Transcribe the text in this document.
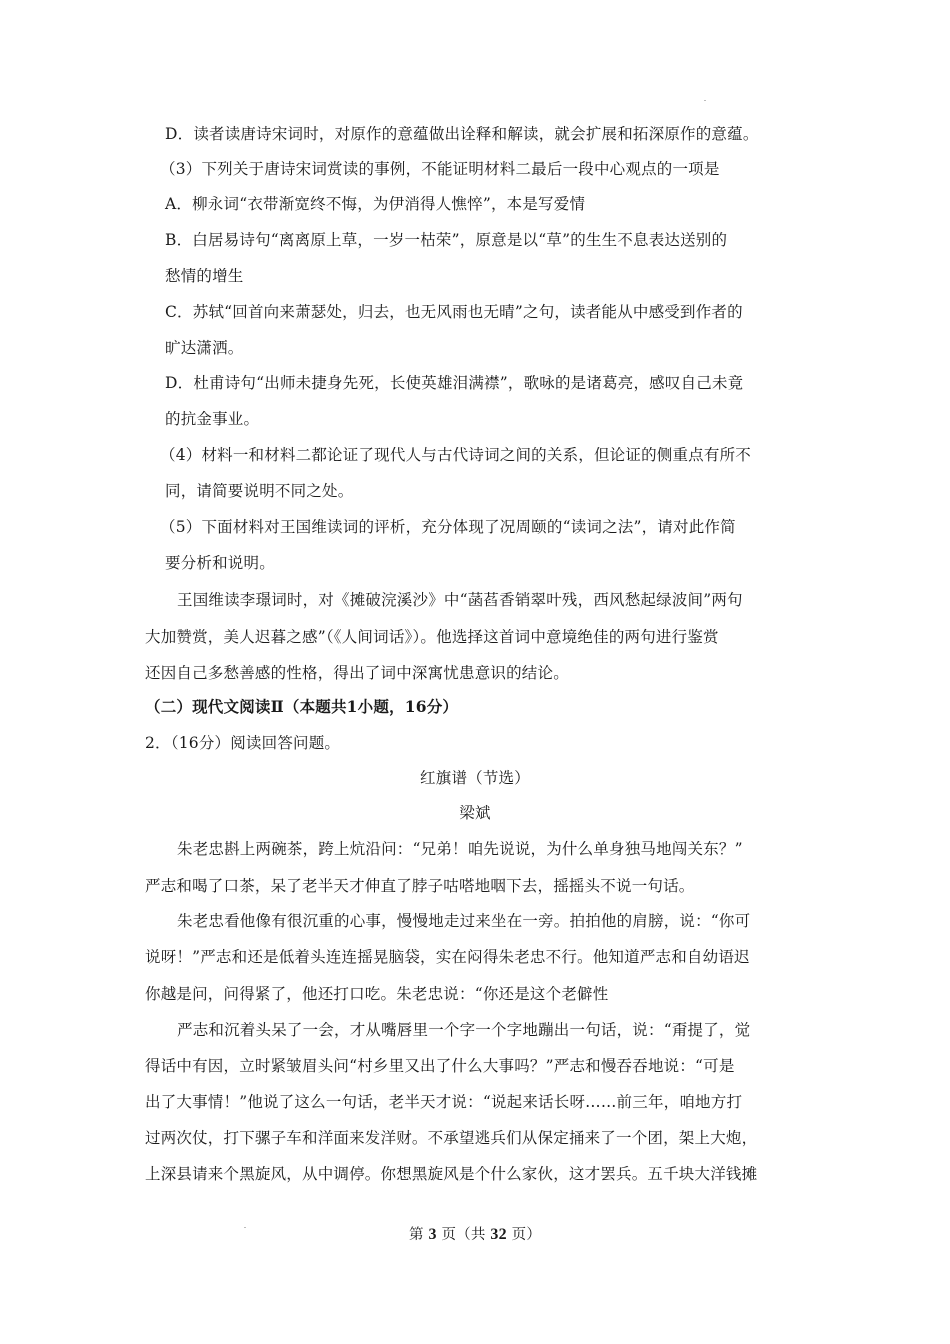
D．读者读唐诗宋词时，对原作的意蕴做出诠释和解读，就会扩展和拓深原作的意蕴。
（3）下列关于唐诗宋词赏读的事例，不能证明材料二最后一段中心观点的一项是
A．柳永词“衣带渐宽终不悔，为伊消得人憔悴”，本是写爱情
B．白居易诗句“离离原上草，一岁一枯荣”，原意是以“草”的生生不息表达送别的
愁情的增生
C．苏轼“回首向来萧瑟处，归去，也无风雨也无晴”之句，读者能从中感受到作者的
旷达潇洒。
D．杜甫诗句“出师未捷身先死，长使英雄泪满襟”，歌咏的是诸葛亮，感叹自己未竟
的抗金事业。
（4）材料一和材料二都论证了现代人与古代诗词之间的关系，但论证的侧重点有所不
同，请简要说明不同之处。
（5）下面材料对王国维读词的评析，充分体现了况周颐的“读词之法”，请对此作简
要分析和说明。
王国维读李璟词时，对《摊破浣溪沙》中“菡萏香销翠叶残，西风愁起绿波间”两句
大加赞赏，美人迟暮之感”（《人间词话》）。他选择这首词中意境绝佳的两句进行鉴赏
还因自己多愁善感的性格，得出了词中深寓忧患意识的结论。
（二）现代文阅读Ⅱ（本题共1小题，16分）
2．（16分）阅读回答问题。
红旗谱（节选）
梁斌
朱老忠斟上两碗茶，跨上炕沿问：“兄弟！咱先说说，为什么单身独马地闯关东？”
严志和喝了口茶，呆了老半天才伸直了脖子咕嗒地咽下去，摇摇头不说一句话。
朱老忠看他像有很沉重的心事，慢慢地走过来坐在一旁。拍拍他的肩膀，说：“你可
说呀！”严志和还是低着头连连摇晃脑袋，实在闷得朱老忠不行。他知道严志和自幼语迟
你越是问，问得紧了，他还打口吃。朱老忠说：“你还是这个老僻性
严志和沉着头呆了一会，才从嘴唇里一个字一个字地蹦出一句话，说：“甭提了，觉
得话中有因，立时紧皱眉头问“村乡里又出了什么大事吗？”严志和慢吞吞地说：“可是
出了大事情！”他说了这么一句话，老半天才说：“说起来话长呀……前三年，咱地方打
过两次仗，打下骡子车和洋面来发洋财。不承望逃兵们从保定捅来了一个团，架上大炮，
上深县请来个黑旋风，从中调停。你想黑旋风是个什么家伙，这才罢兵。五千块大洋钱摊
第 3 页（共 32 页）
